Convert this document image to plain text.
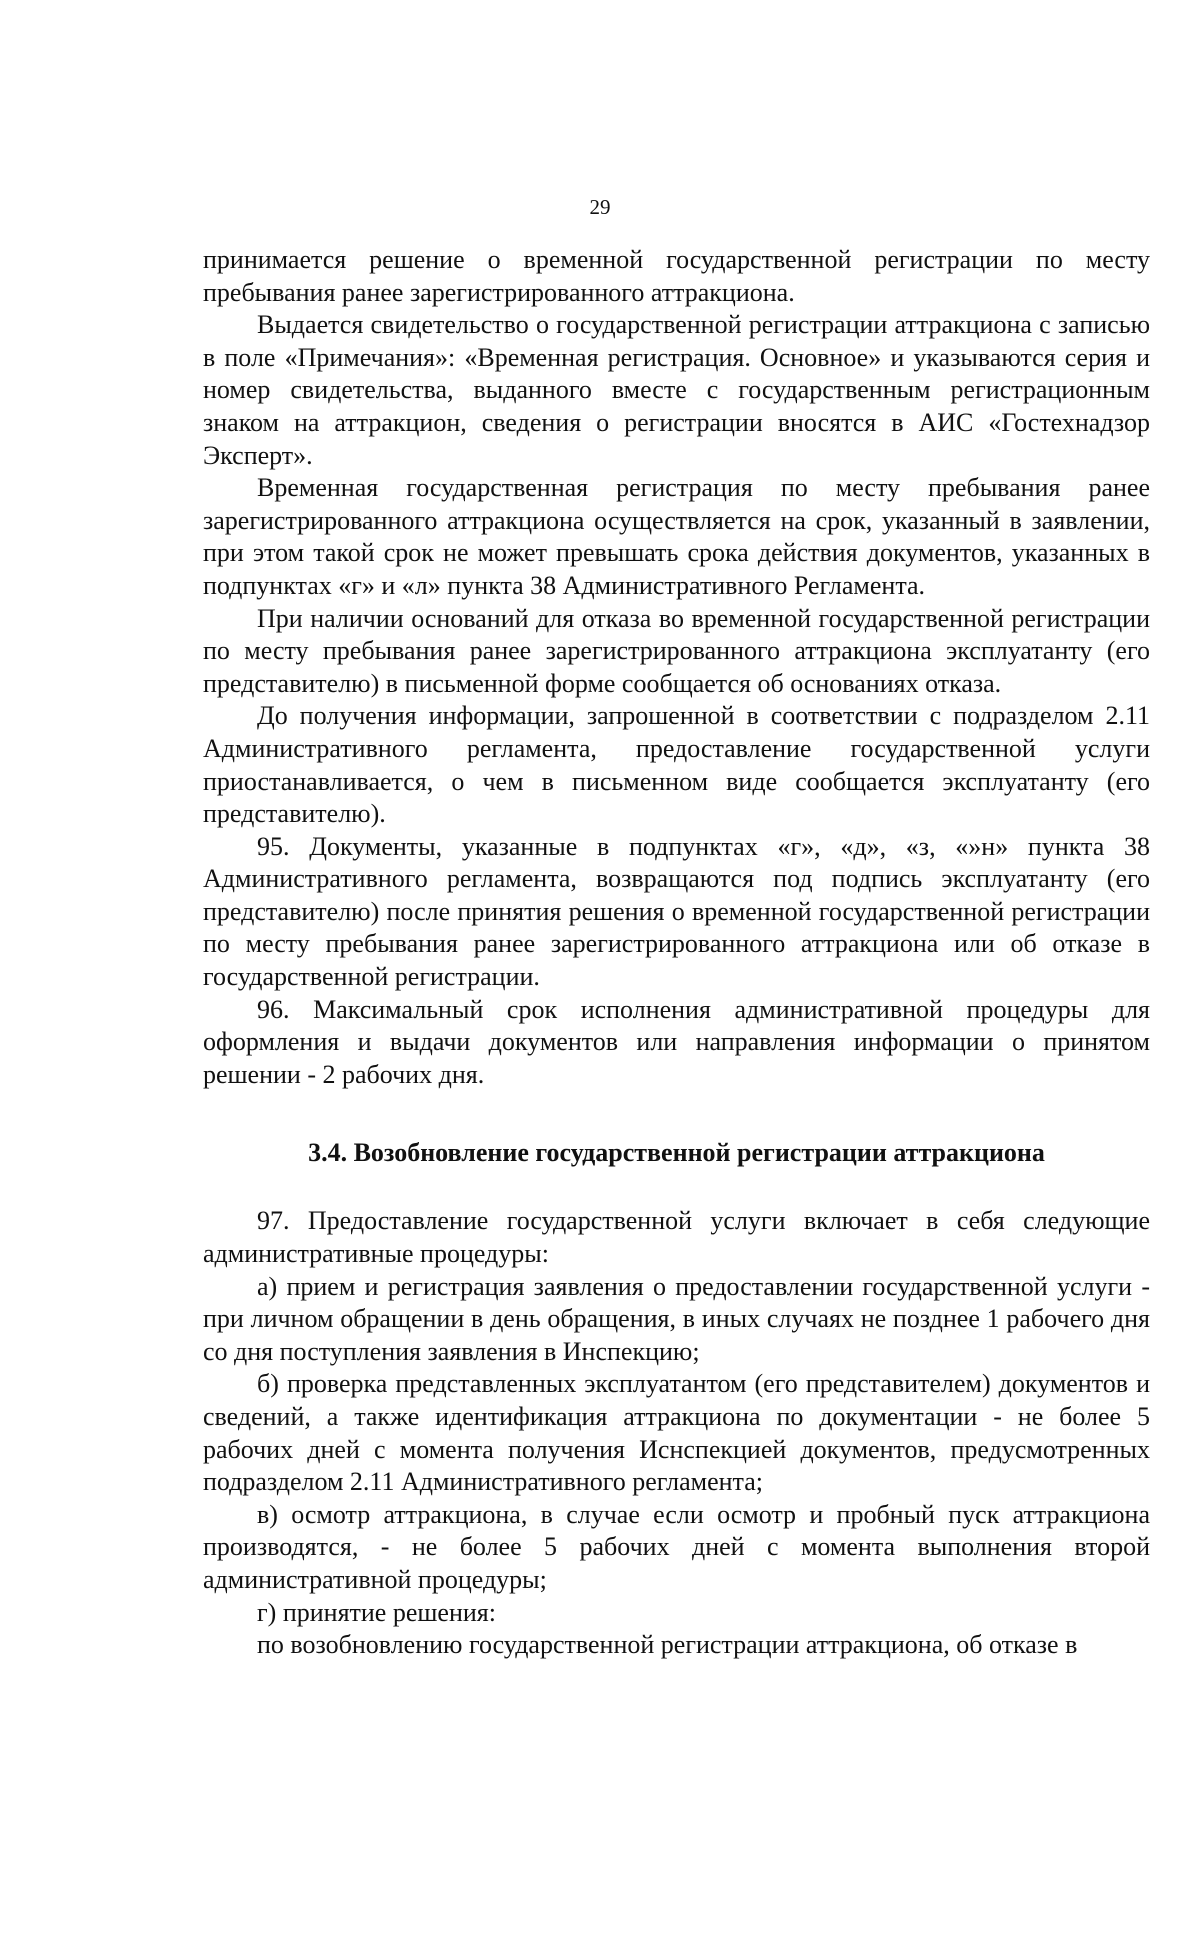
29

принимается решение о временной государственной регистрации по месту пребывания ранее зарегистрированного аттракциона.

Выдается свидетельство о государственной регистрации аттракциона с записью в поле «Примечания»: «Временная регистрация. Основное» и указываются серия и номер свидетельства, выданного вместе с государственным регистрационным знаком на аттракцион, сведения о регистрации вносятся в АИС «Гостехнадзор Эксперт».

Временная государственная регистрация по месту пребывания ранее зарегистрированного аттракциона осуществляется на срок, указанный в заявлении, при этом такой срок не может превышать срока действия документов, указанных в подпунктах «г» и «л» пункта 38 Административного Регламента.

При наличии оснований для отказа во временной государственной регистрации по месту пребывания ранее зарегистрированного аттракциона эксплуатанту (его представителю) в письменной форме сообщается об основаниях отказа.

До получения информации, запрошенной в соответствии с подразделом 2.11 Административного регламента, предоставление государственной услуги приостанавливается, о чем в письменном виде сообщается эксплуатанту (его представителю).

95. Документы, указанные в подпунктах «г», «д», «з, «»н» пункта 38 Административного регламента, возвращаются под подпись эксплуатанту (его представителю) после принятия решения о временной государственной регистрации по месту пребывания ранее зарегистрированного аттракциона или об отказе в государственной регистрации.

96. Максимальный срок исполнения административной процедуры для оформления и выдачи документов или направления информации о принятом решении - 2 рабочих дня.

3.4. Возобновление государственной регистрации аттракциона

97. Предоставление государственной услуги включает в себя следующие административные процедуры:

а) прием и регистрация заявления о предоставлении государственной услуги - при личном обращении в день обращения, в иных случаях не позднее 1 рабочего дня со дня поступления заявления в Инспекцию;

б) проверка представленных эксплуатантом (его представителем) документов и сведений, а также идентификация аттракциона по документации - не более 5 рабочих дней с момента получения Иснспекцией документов, предусмотренных подразделом 2.11 Административного регламента;

в) осмотр аттракциона, в случае если осмотр и пробный пуск аттракциона производятся, - не более 5 рабочих дней с момента выполнения второй административной процедуры;

г) принятие решения:

по возобновлению государственной регистрации аттракциона, об отказе в
